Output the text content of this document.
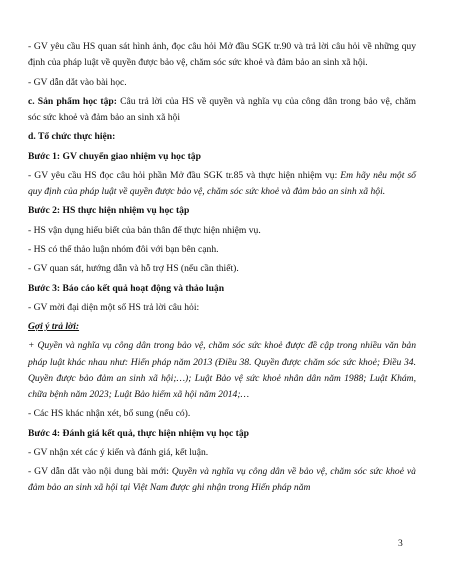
- GV yêu cầu HS quan sát hình ảnh, đọc câu hỏi Mở đầu SGK tr.90 và trả lời câu hỏi về những quy định của pháp luật về quyền được bảo vệ, chăm sóc sức khoẻ và đảm bảo an sinh xã hội.

- GV dẫn dắt vào bài học.

c. Sản phẩm học tập: Câu trả lời của HS về quyền và nghĩa vụ của công dân trong bảo vệ, chăm sóc sức khoẻ và đảm bảo an sinh xã hội

d. Tổ chức thực hiện:

Bước 1: GV chuyển giao nhiệm vụ học tập

- GV yêu cầu HS đọc câu hỏi phần Mở đầu SGK tr.85 và thực hiện nhiệm vụ: Em hãy nêu một số quy định của pháp luật về quyền được bảo vệ, chăm sóc sức khoẻ và đảm bảo an sinh xã hội.

Bước 2: HS thực hiện nhiệm vụ học tập

- HS vận dụng hiểu biết của bản thân để thực hiện nhiệm vụ.

- HS có thể thảo luận nhóm đôi với bạn bên cạnh.

- GV quan sát, hướng dẫn và hỗ trợ HS (nếu cần thiết).

Bước 3: Báo cáo kết quả hoạt động và thảo luận

- GV mời đại diện một số HS trả lời câu hỏi:

Gợi ý trả lời:

+ Quyền và nghĩa vụ công dân trong bảo vệ, chăm sóc sức khoẻ được đề cập trong nhiều văn bản pháp luật khác nhau như: Hiến pháp năm 2013 (Điều 38. Quyền được chăm sóc sức khoẻ; Điều 34. Quyền được bảo đảm an sinh xã hội;…); Luật Bảo vệ sức khoẻ nhân dân năm 1988; Luật Khám, chữa bệnh năm 2023; Luật Bảo hiểm xã hội năm 2014;…

- Các HS khác nhận xét, bổ sung (nếu có).

Bước 4: Đánh giá kết quả, thực hiện nhiệm vụ học tập

- GV nhận xét các ý kiến và đánh giá, kết luận.

- GV dẫn dắt vào nội dung bài mới: Quyền và nghĩa vụ công dân về bảo vệ, chăm sóc sức khoẻ và đảm bảo an sinh xã hội tại Việt Nam được ghi nhận trong Hiến pháp năm

3
